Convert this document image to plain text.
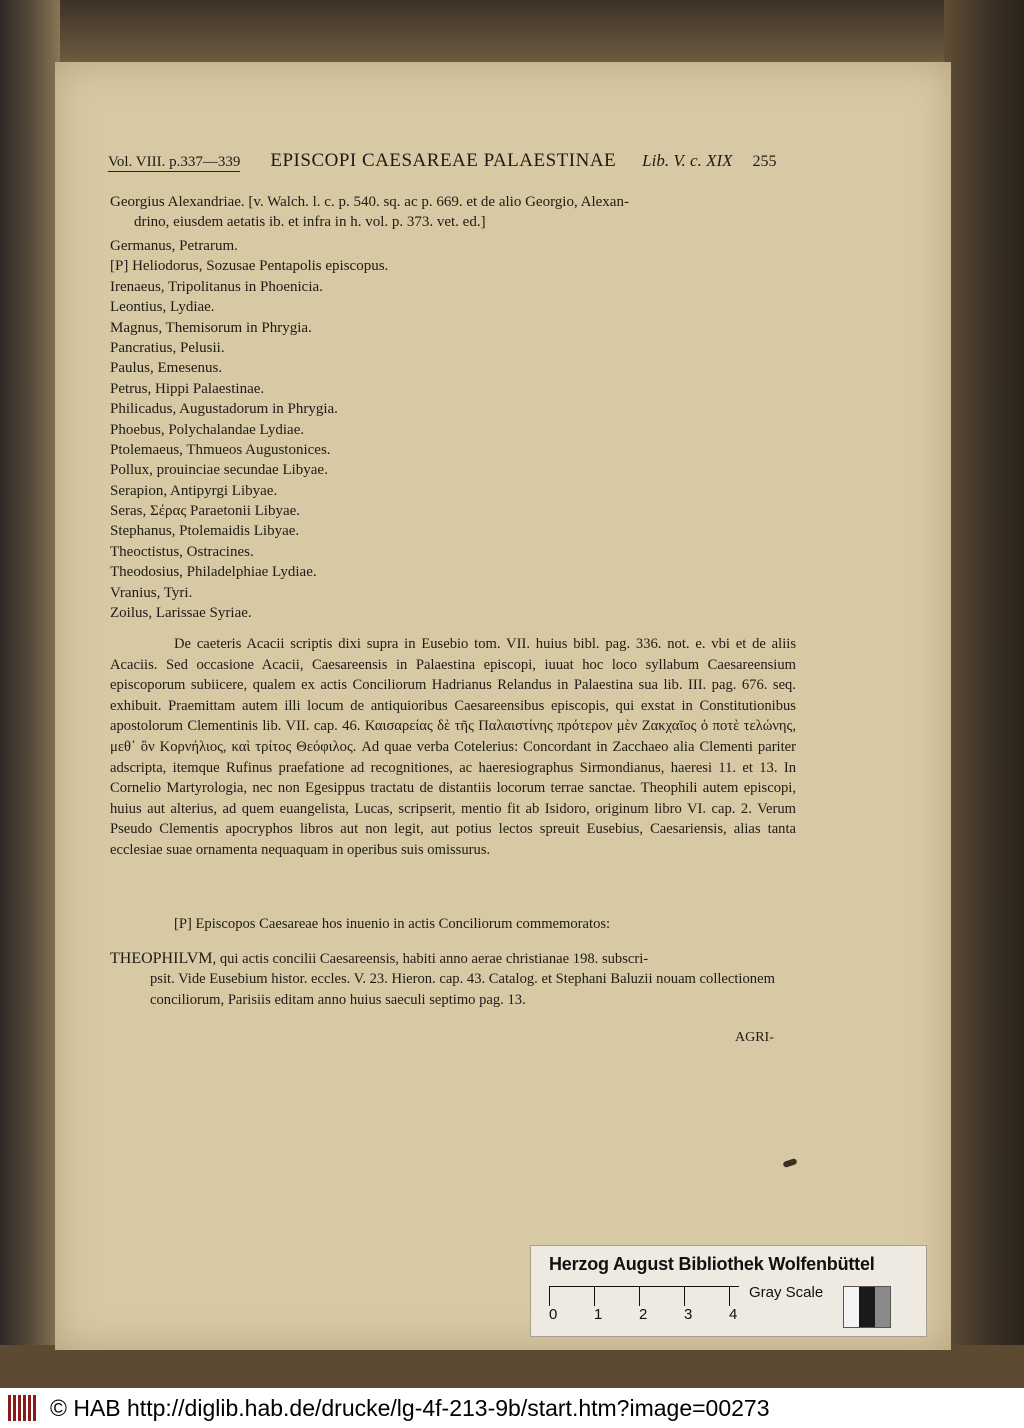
Vol. VIII. p.337—339 EPISCOPI CAESAREAE PALAESTINAE Lib. V. c. XIX 255
Georgius Alexandriae. [v. Walch. l. c. p. 540. sq. ac p. 669. et de alio Georgio, Alexan-
drino, eiusdem aetatis ib. et infra in h. vol. p. 373. vet. ed.]
Germanus, Petrarum.
[P] Heliodorus, Sozusae Pentapolis episcopus.
Irenaeus, Tripolitanus in Phoenicia.
Leontius, Lydiae.
Magnus, Themisorum in Phrygia.
Pancratius, Pelusii.
Paulus, Emesenus.
Petrus, Hippi Palaestinae.
Philicadus, Augustadorum in Phrygia.
Phoebus, Polychalandae Lydiae.
Ptolemaeus, Thmueos Augustonices.
Pollux, prouinciae secundae Libyae.
Serapion, Antipyrgi Libyae.
Seras, Σέρας Paraetonii Libyae.
Stephanus, Ptolemaidis Libyae.
Theoctistus, Ostracines.
Theodosius, Philadelphiae Lydiae.
Vranius, Tyri.
Zoilus, Larissae Syriae.

De caeteris Acacii scriptis dixi supra in Eusebio tom. VII. huius bibl. pag. 336. not. e. vbi et de aliis Acaciis. Sed occasione Acacii, Caesareensis in Palaestina episcopi, iuuat hoc loco syllabum Caesareensium episcoporum subiicere, qualem ex actis Conciliorum Hadrianus Relandus in Palaestina sua lib. III. pag. 676. seq. exhibuit. Praemittam autem illi locum de antiquioribus Caesareensibus episcopis, qui exstat in Constitutionibus apostolorum Clementinis lib. VII. cap. 46. Καισαρείας δὲ τῆς Παλαιστίνης πρότερον μὲν Ζακχαῖος ὁ ποτὲ τελώνης, μεθ᾽ ὃν Κορνήλιος, καὶ τρίτος Θεόφιλος. Ad quae verba Cotelerius: Concordant in Zacchaeo alia Clementi pariter adscripta, itemque Rufinus praefatione ad recognitiones, ac haeresiographus Sirmondianus, haeresi 11. et 13. In Cornelio Martyrologia, nec non Egesippus tractatu de distantiis locorum terrae sanctae. Theophili autem episcopi, huius aut alterius, ad quem euangelista, Lucas, scripserit, mentio fit ab Isidoro, originum libro VI. cap. 2. Verum Pseudo Clementis apocryphos libros aut non legit, aut potius lectos spreuit Eusebius, Caesariensis, alias tanta ecclesiae suae ornamenta nequaquam in operibus suis omissurus.

[P] Episcopos Caesareae hos inuenio in actis Conciliorum commemoratos:
THEOPHILVM, qui actis concilii Caesareensis, habiti anno aerae christianae 198. subscri-
psit. Vide Eusebium histor. eccles. V. 23. Hieron. cap. 43. Catalog. et Stephani Baluzii nouam collectionem conciliorum, Parisiis editam anno huius saeculi septimo pag. 13.
AGRI-
Herzog August Bibliothek Wolfenbüttel
0 1 2 3 4
Gray Scale
© HAB http://diglib.hab.de/drucke/lg-4f-213-9b/start.htm?image=00273
